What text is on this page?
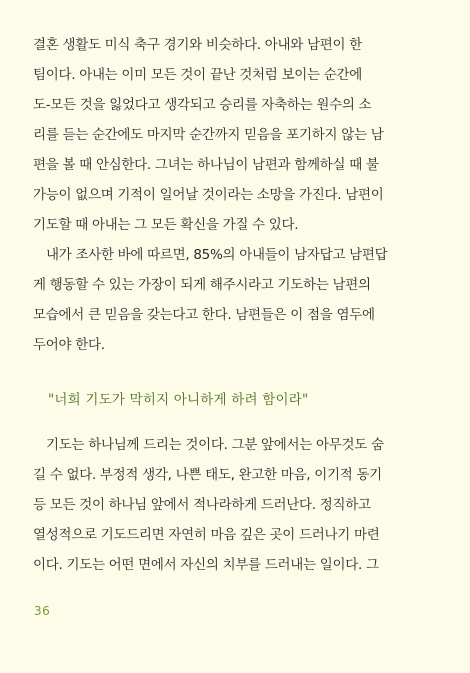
결혼 생활도 미식 축구 경기와 비슷하다. 아내와 남편이 한
팀이다. 아내는 이미 모든 것이 끝난 것처럼 보이는 순간에
도-모든 것을 잃었다고 생각되고 승리를 자축하는 원수의 소
리를 듣는 순간에도 마지막 순간까지 믿음을 포기하지 않는 남
편을 볼 때 안심한다. 그녀는 하나님이 남편과 함께하실 때 불
가능이 없으며 기적이 일어날 것이라는 소망을 가진다. 남편이
기도할 때 아내는 그 모든 확신을 가질 수 있다.
내가 조사한 바에 따르면, 85%의 아내들이 남자답고 남편답
게 행동할 수 있는 가장이 되게 해주시라고 기도하는 남편의
모습에서 큰 믿음을 갖는다고 한다. 남편들은 이 점을 염두에
두어야 한다.
"너희 기도가 막히지 아니하게 하려 함이라"
기도는 하나님께 드리는 것이다. 그분 앞에서는 아무것도 숨
길 수 없다. 부정적 생각, 나쁜 태도, 완고한 마음, 이기적 동기
등 모든 것이 하나님 앞에서 적나라하게 드러난다. 정직하고
열성적으로 기도드리면 자연히 마음 깊은 곳이 드러나기 마련
이다. 기도는 어떤 면에서 자신의 치부를 드러내는 일이다. 그
36
